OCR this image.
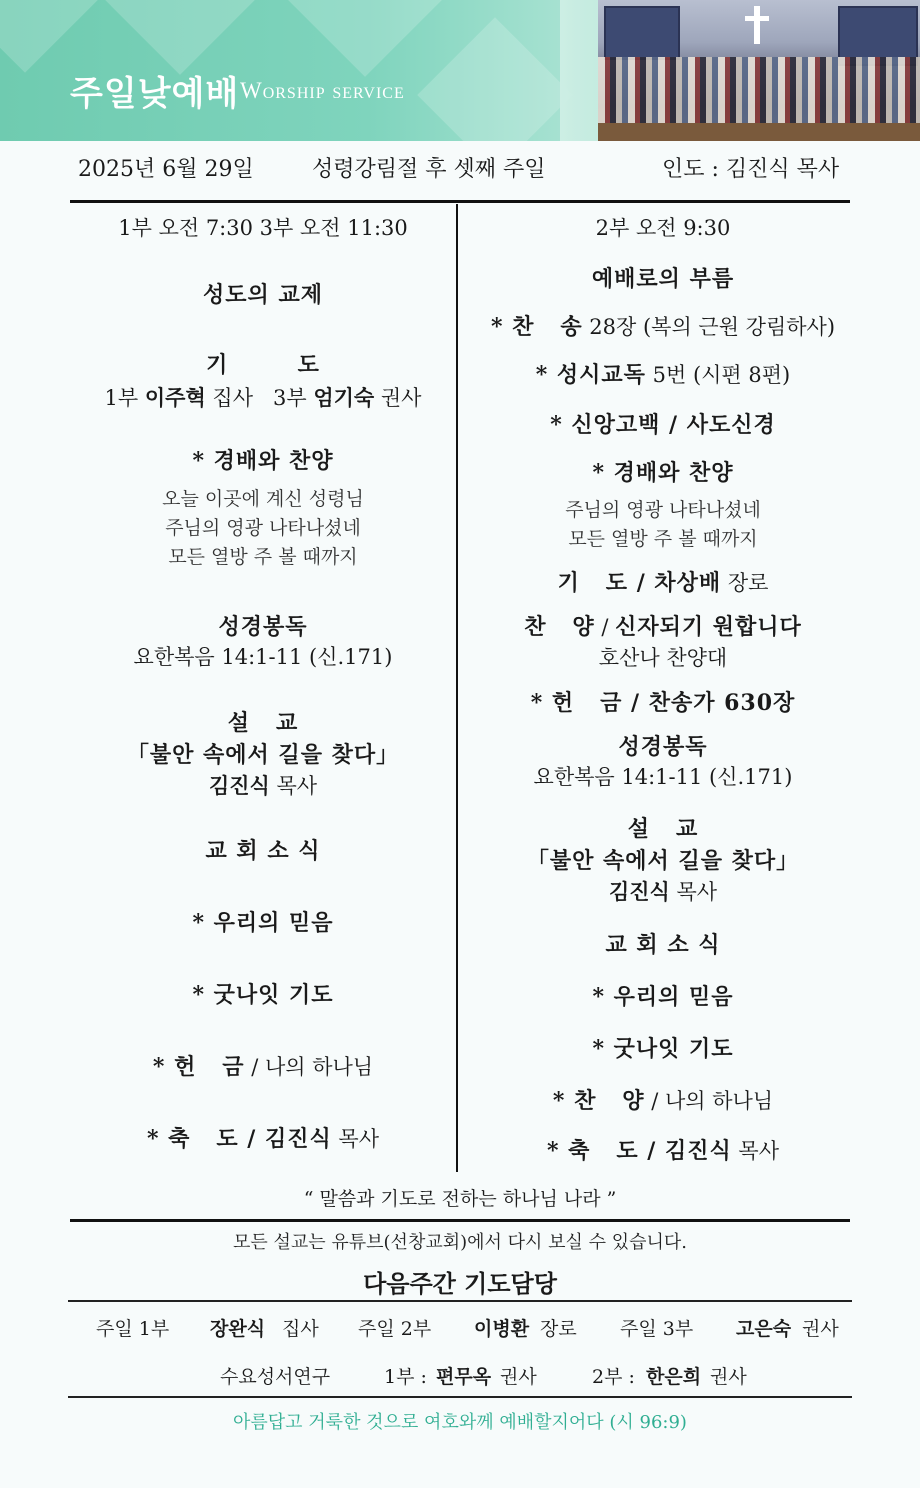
주일낮예배 Worship service
2025년 6월 29일	성령강림절 후 셋째 주일	인도 : 김진식 목사
1부 오전 7:30 3부 오전 11:30
성도의 교제
기        도
1부 이주혁 집사   3부 엄기숙 권사
* 경배와 찬양
오늘 이곳에 계신 성령님
주님의 영광 나타나셨네
모든 열방 주 볼 때까지
성경봉독
요한복음 14:1-11 (신.171)
설   교
「불안 속에서 길을 찾다」
김진식 목사
교 회 소 식
* 우리의 믿음
* 굿나잇 기도
* 헌   금 / 나의 하나님
* 축   도 / 김진식 목사
2부 오전 9:30
예배로의 부름
* 찬   송 28장 (복의 근원 강림하사)
* 성시교독 5번 (시편 8편)
* 신앙고백 / 사도신경
* 경배와 찬양
주님의 영광 나타나셨네
모든 열방 주 볼 때까지
기   도 / 차상배 장로
찬   양 / 신자되기 원합니다
호산나 찬양대
* 헌   금 / 찬송가 630장
성경봉독
요한복음 14:1-11 (신.171)
설   교
「불안 속에서 길을 찾다」
김진식 목사
교 회 소 식
* 우리의 믿음
* 굿나잇 기도
* 찬   양 / 나의 하나님
* 축   도 / 김진식 목사
“ 말씀과 기도로 전하는 하나님 나라 ”
모든 설교는 유튜브(선창교회)에서 다시 보실 수 있습니다.
다음주간 기도담당
주일 1부 장완식 집사 주일 2부 이병환 장로 주일 3부 고은숙 권사
수요성서연구	1부 : 편무옥 권사	2부 : 한은희 권사
아름답고 거룩한 것으로 여호와께 예배할지어다 (시 96:9)
